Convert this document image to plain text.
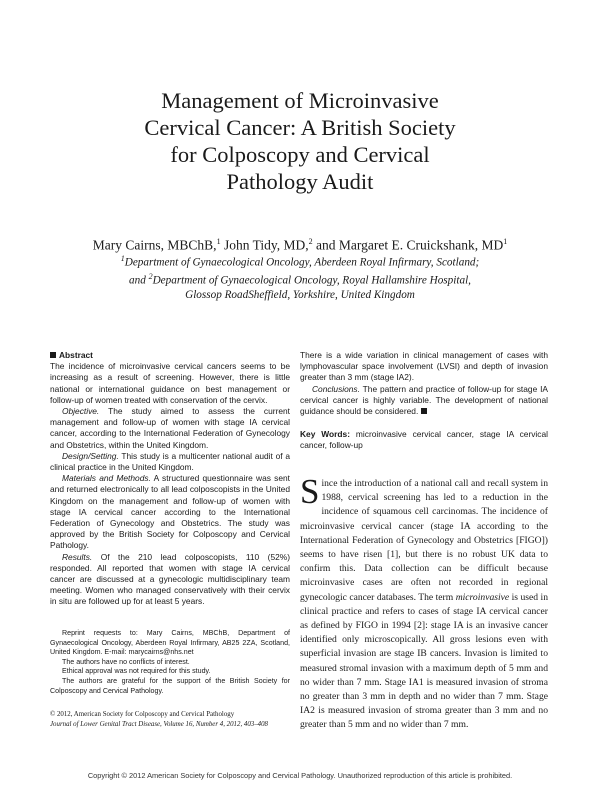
Management of Microinvasive
Cervical Cancer: A British Society
for Colposcopy and Cervical
Pathology Audit
Mary Cairns, MBChB,$^1$ John Tidy, MD,$^2$ and Margaret E. Cruickshank, $MD^1$
$^1$Department of Gynaecological Oncology, Aberdeen Royal Infirmary, Scotland;
and $^2$Department of Gynaecological Oncology, Royal Hallamshire Hospital,
Glossop RoadSheffield, Yorkshire, United Kingdom

Abstract

The incidence of microinvasive cervical cancers seems to be increasing as a result of screening. However, there is little national or international guidance on best management or follow-up of women treated with conservation of the cervix.

Objective. The study aimed to assess the current management and follow-up of women with stage IA cervical cancer, according to the International Federation of Gynecology and Obstetrics, within the United Kingdom.

Design/Setting. This study is a multicenter national audit of a clinical practice in the United Kingdom.

Materials and Methods. A structured questionnaire was sent and returned electronically to all lead colposcopists in the United Kingdom on the management and follow-up of women with stage IA cervical cancer according to the International Federation of Gynecology and Obstetrics. The study was approved by the British Society for Colposcopy and Cervical Pathology.

Results. Of the 210 lead colposcopists, 110 (52%) responded. All reported that women with stage IA cervical cancer are discussed at a gynecologic multidisciplinary team meeting. Women who managed conservatively with their cervix in situ are followed up for at least 5 years.

There is a wide variation in clinical management of cases with lymphovascular space involvement (LVSI) and depth of invasion greater than 3 mm (stage IA2).

Conclusions. The pattern and practice of follow-up for stage IA cervical cancer is highly variable. The development of national guidance should be considered.

Key Words: microinvasive cervical cancer, stage IA cervical cancer, follow-up

Reprint requests to: Mary Cairns, MBChB, Department of Gynaecological Oncology, Aberdeen Royal Infirmary, AB25 2ZA, Scotland, United Kingdom. E-mail: marycairns@nhs.net

The authors have no conflicts of interest.

Ethical approval was not required for this study.

The authors are grateful for the support of the British Society for Colposcopy and Cervical Pathology.

© 2012, American Society for Colposcopy and Cervical Pathology
Journal of Lower Genital Tract Disease, Volume 16, Number 4, 2012, 403–408

Since the introduction of a national call and recall system in 1988, cervical screening has led to a reduction in the incidence of squamous cell carcinomas. The incidence of microinvasive cervical cancer (stage IA according to the International Federation of Gynecology and Obstetrics [FIGO]) seems to have risen [1], but there is no robust UK data to confirm this. Data collection can be difficult because microinvasive cases are often not recorded in regional gynecologic cancer databases. The term microinvasive is used in clinical practice and refers to cases of stage IA cervical cancer as defined by FIGO in 1994 [2]: stage IA is an invasive cancer identified only microscopically. All gross lesions even with superficial invasion are stage IB cancers. Invasion is limited to measured stromal invasion with a maximum depth of 5 mm and no wider than 7 mm. Stage IA1 is measured invasion of stroma no greater than 3 mm in depth and no wider than 7 mm. Stage IA2 is measured invasion of stroma greater than 3 mm and no greater than 5 mm and no wider than 7 mm.

Copyright © 2012 American Society for Colposcopy and Cervical Pathology. Unauthorized reproduction of this article is prohibited.
